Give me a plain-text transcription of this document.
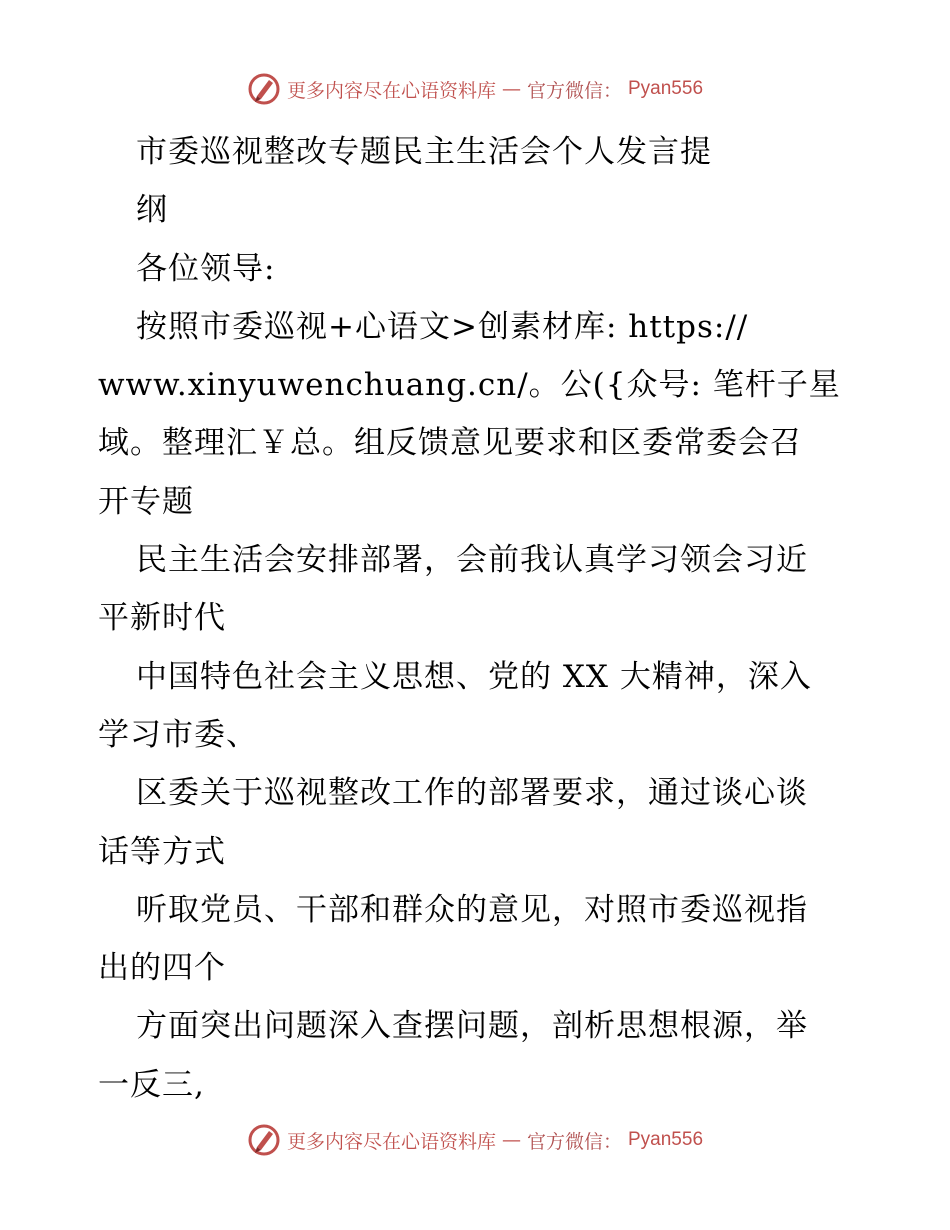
更多内容尽在心语资料库 — 官方微信： Pyan556
市委巡视整改专题民主生活会个人发言提
纲
各位领导:
按照市委巡视+心语文>创素材库: https://
www.xinyuwenchuang.cn/。公({众号: 笔杆子星
域。整理汇￥总。组反馈意见要求和区委常委会召
开专题
民主生活会安排部署，会前我认真学习领会习近
平新时代
中国特色社会主义思想、党的 XX 大精神，深入
学习市委、
区委关于巡视整改工作的部署要求，通过谈心谈
话等方式
听取党员、干部和群众的意见，对照市委巡视指
出的四个
方面突出问题深入查摆问题，剖析思想根源，举
一反三,
更多内容尽在心语资料库 — 官方微信： Pyan556
